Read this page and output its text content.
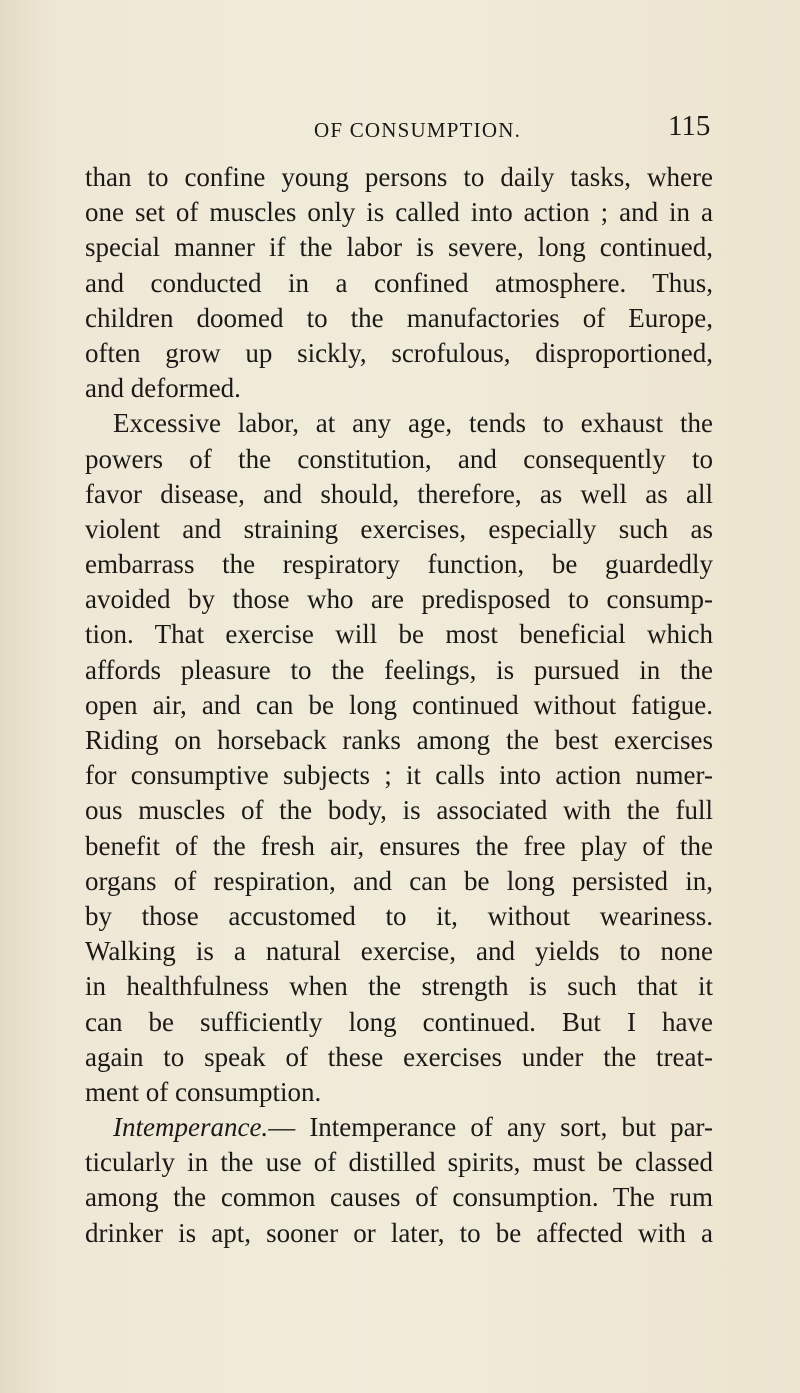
OF CONSUMPTION.	115
than to confine young persons to daily tasks, where
one set of muscles only is called into action ; and in a
special manner if the labor is severe, long continued,
and conducted in a confined atmosphere. Thus,
children doomed to the manufactories of Europe,
often grow up sickly, scrofulous, disproportioned,
and deformed.
Excessive labor, at any age, tends to exhaust the
powers of the constitution, and consequently to
favor disease, and should, therefore, as well as all
violent and straining exercises, especially such as
embarrass the respiratory function, be guardedly
avoided by those who are predisposed to consump-
tion. That exercise will be most beneficial which
affords pleasure to the feelings, is pursued in the
open air, and can be long continued without fatigue.
Riding on horseback ranks among the best exercises
for consumptive subjects ; it calls into action numer-
ous muscles of the body, is associated with the full
benefit of the fresh air, ensures the free play of the
organs of respiration, and can be long persisted in,
by those accustomed to it, without weariness.
Walking is a natural exercise, and yields to none
in healthfulness when the strength is such that it
can be sufficiently long continued. But I have
again to speak of these exercises under the treat-
ment of consumption.
Intemperance.— Intemperance of any sort, but par-
ticularly in the use of distilled spirits, must be classed
among the common causes of consumption. The rum
drinker is apt, sooner or later, to be affected with a
